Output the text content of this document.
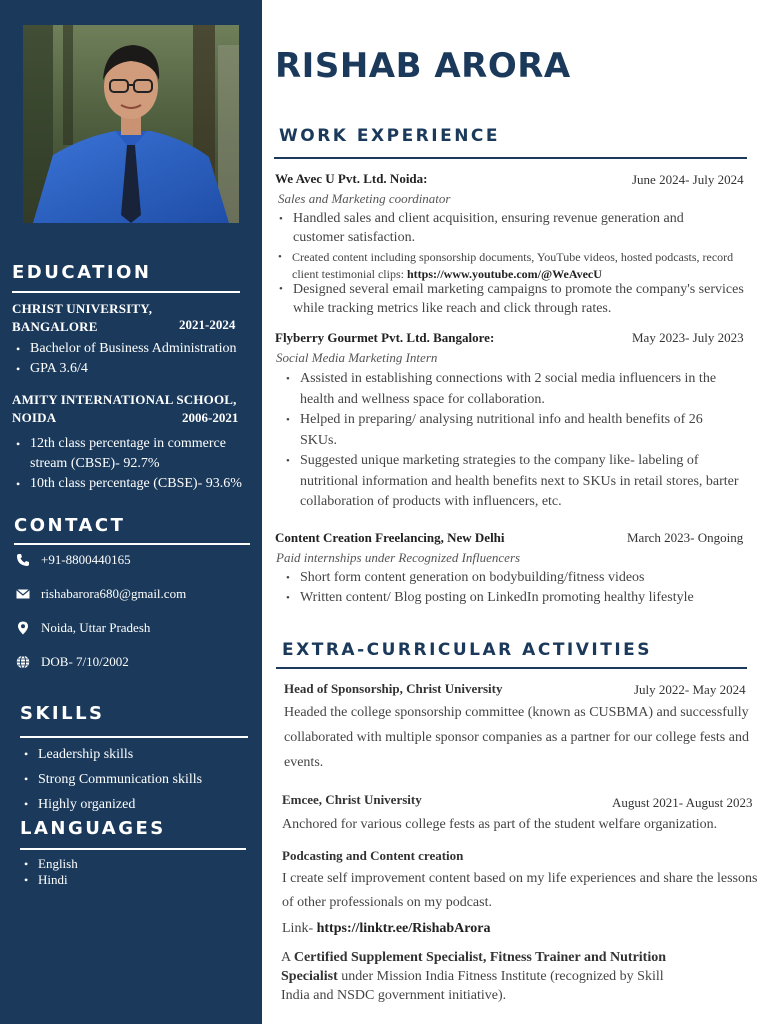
EDUCATION
CHRIST UNIVERSITY,
BANGALORE	2021-2024
• Bachelor of Business Administration
• GPA 3.6/4
AMITY INTERNATIONAL SCHOOL,
NOIDA	2006-2021
• 12th class percentage in commerce stream (CBSE)- 92.7%
• 10th class percentage (CBSE)- 93.6%
CONTACT
+91-8800440165
rishabarora680@gmail.com
Noida, Uttar Pradesh
DOB- 7/10/2002
SKILLS
• Leadership skills
• Strong Communication skills
• Highly organized
LANGUAGES
• English
• Hindi
RISHAB ARORA
WORK EXPERIENCE
We Avec U Pvt. Ltd. Noida:	June 2024- July 2024
Sales and Marketing coordinator
• Handled sales and client acquisition, ensuring revenue generation and customer satisfaction.
• Created content including sponsorship documents, YouTube videos, hosted podcasts, record client testimonial clips: https://www.youtube.com/@WeAvecU
• Designed several email marketing campaigns to promote the company's services while tracking metrics like reach and click through rates.
Flyberry Gourmet Pvt. Ltd. Bangalore:	May 2023- July 2023
Social Media Marketing Intern
• Assisted in establishing connections with 2 social media influencers in the health and wellness space for collaboration.
• Helped in preparing/ analysing nutritional info and health benefits of 26 SKUs.
• Suggested unique marketing strategies to the company like- labeling of nutritional information and health benefits next to SKUs in retail stores, barter collaboration of products with influencers, etc.
Content Creation Freelancing, New Delhi	March 2023- Ongoing
Paid internships under Recognized Influencers
• Short form content generation on bodybuilding/fitness videos
• Written content/ Blog posting on LinkedIn promoting healthy lifestyle
EXTRA-CURRICULAR ACTIVITIES
Head of Sponsorship, Christ University	July 2022- May 2024
Headed the college sponsorship committee (known as CUSBMA) and successfully collaborated with multiple sponsor companies as a partner for our college fests and events.
Emcee, Christ University	August 2021- August 2023
Anchored for various college fests as part of the student welfare organization.
Podcasting and Content creation
I create self improvement content based on my life experiences and share the lessons of other professionals on my podcast.
Link- https://linktr.ee/RishabArora
A Certified Supplement Specialist, Fitness Trainer and Nutrition Specialist under Mission India Fitness Institute (recognized by Skill India and NSDC government initiative).
